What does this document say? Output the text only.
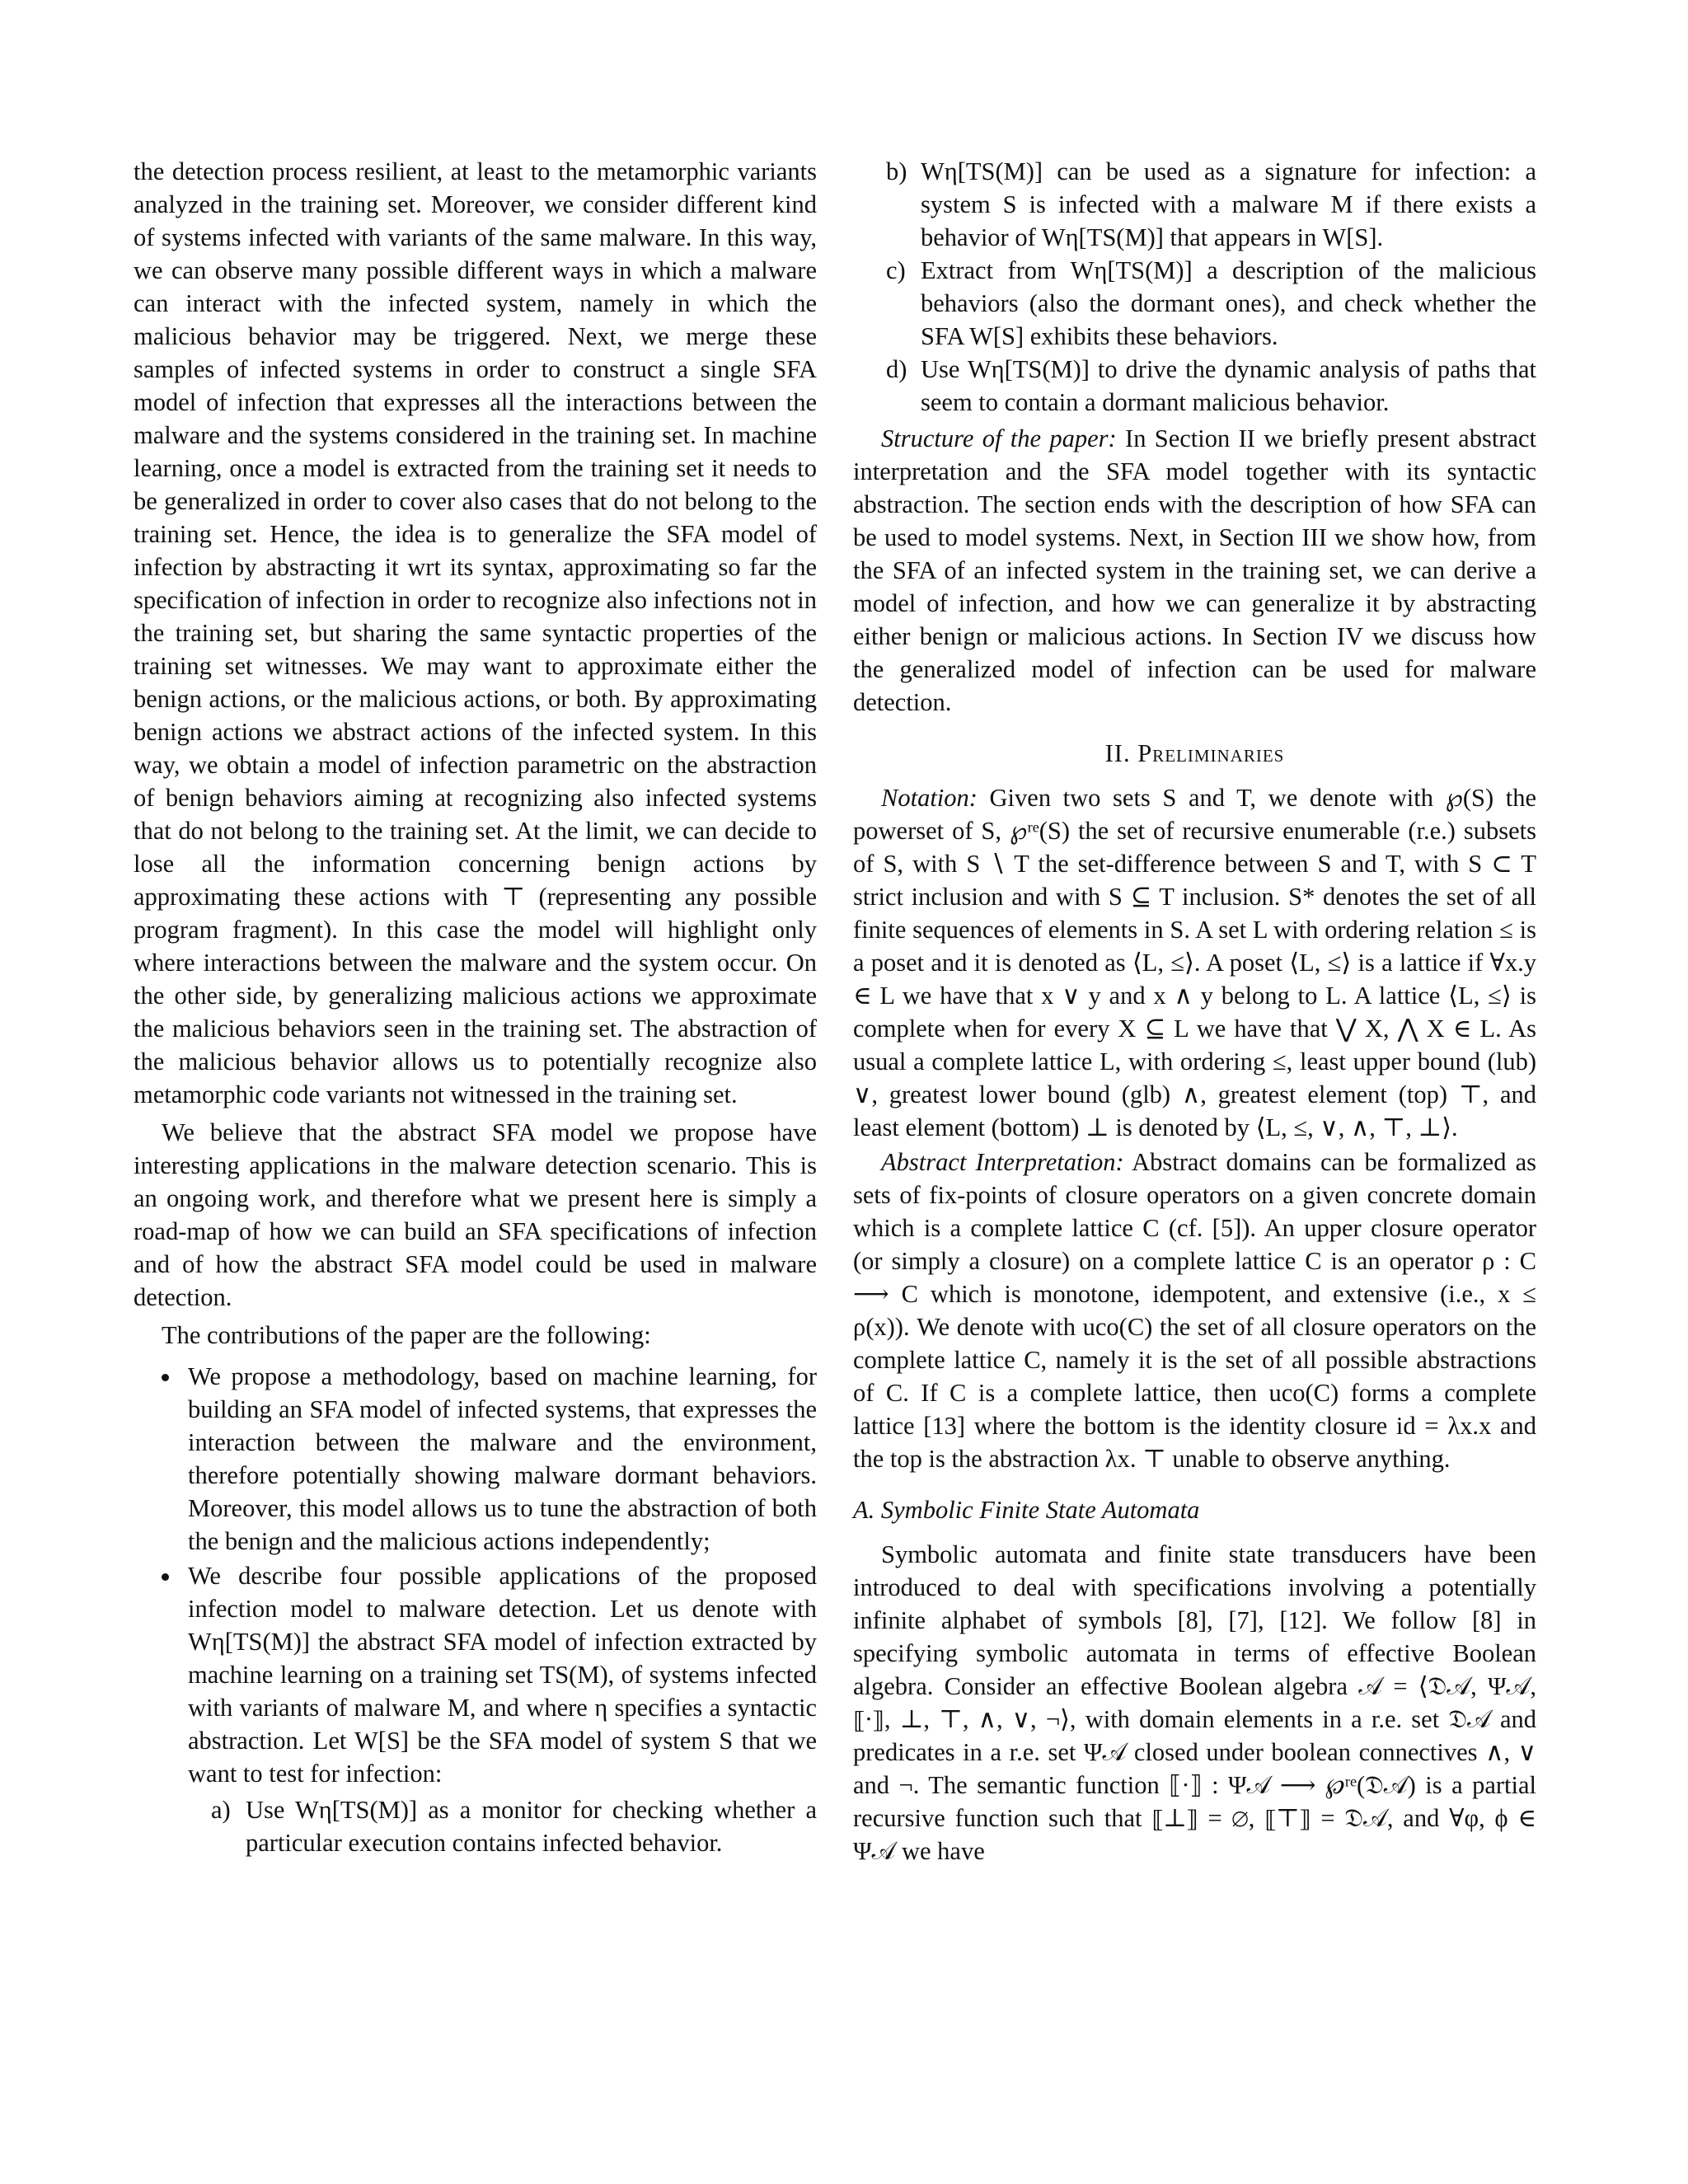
the detection process resilient, at least to the metamorphic variants analyzed in the training set. Moreover, we consider different kind of systems infected with variants of the same malware. In this way, we can observe many possible different ways in which a malware can interact with the infected system, namely in which the malicious behavior may be triggered. Next, we merge these samples of infected systems in order to construct a single SFA model of infection that expresses all the interactions between the malware and the systems considered in the training set. In machine learning, once a model is extracted from the training set it needs to be generalized in order to cover also cases that do not belong to the training set. Hence, the idea is to generalize the SFA model of infection by abstracting it wrt its syntax, approximating so far the specification of infection in order to recognize also infections not in the training set, but sharing the same syntactic properties of the training set witnesses. We may want to approximate either the benign actions, or the malicious actions, or both. By approximating benign actions we abstract actions of the infected system. In this way, we obtain a model of infection parametric on the abstraction of benign behaviors aiming at recognizing also infected systems that do not belong to the training set. At the limit, we can decide to lose all the information concerning benign actions by approximating these actions with ⊤ (representing any possible program fragment). In this case the model will highlight only where interactions between the malware and the system occur. On the other side, by generalizing malicious actions we approximate the malicious behaviors seen in the training set. The abstraction of the malicious behavior allows us to potentially recognize also metamorphic code variants not witnessed in the training set.

We believe that the abstract SFA model we propose have interesting applications in the malware detection scenario. This is an ongoing work, and therefore what we present here is simply a road-map of how we can build an SFA specifications of infection and of how the abstract SFA model could be used in malware detection.

The contributions of the paper are the following:

We propose a methodology, based on machine learning, for building an SFA model of infected systems, that expresses the interaction between the malware and the environment, therefore potentially showing malware dormant behaviors. Moreover, this model allows us to tune the abstraction of both the benign and the malicious actions independently;
We describe four possible applications of the proposed infection model to malware detection. Let us denote with Wη[TS(M)] the abstract SFA model of infection extracted by machine learning on a training set TS(M), of systems infected with variants of malware M, and where η specifies a syntactic abstraction. Let W[S] be the SFA model of system S that we want to test for infection:
a) Use Wη[TS(M)] as a monitor for checking whether a particular execution contains infected behavior.
b) Wη[TS(M)] can be used as a signature for infection: a system S is infected with a malware M if there exists a behavior of Wη[TS(M)] that appears in W[S].
c) Extract from Wη[TS(M)] a description of the malicious behaviors (also the dormant ones), and check whether the SFA W[S] exhibits these behaviors.
d) Use Wη[TS(M)] to drive the dynamic analysis of paths that seem to contain a dormant malicious behavior.

Structure of the paper: In Section II we briefly present abstract interpretation and the SFA model together with its syntactic abstraction. The section ends with the description of how SFA can be used to model systems. Next, in Section III we show how, from the SFA of an infected system in the training set, we can derive a model of infection, and how we can generalize it by abstracting either benign or malicious actions. In Section IV we discuss how the generalized model of infection can be used for malware detection.

II. Preliminaries

Notation: Given two sets S and T, we denote with ℘(S) the powerset of S, ℘ʳᵉ(S) the set of recursive enumerable (r.e.) subsets of S, with S ∖ T the set-difference between S and T, with S ⊂ T strict inclusion and with S ⊆ T inclusion. S* denotes the set of all finite sequences of elements in S. A set L with ordering relation ≤ is a poset and it is denoted as ⟨L, ≤⟩. A poset ⟨L, ≤⟩ is a lattice if ∀x.y ∈ L we have that x ∨ y and x ∧ y belong to L. A lattice ⟨L, ≤⟩ is complete when for every X ⊆ L we have that ⋁ X, ⋀ X ∈ L. As usual a complete lattice L, with ordering ≤, least upper bound (lub) ∨, greatest lower bound (glb) ∧, greatest element (top) ⊤, and least element (bottom) ⊥ is denoted by ⟨L, ≤, ∨, ∧, ⊤, ⊥⟩.

Abstract Interpretation: Abstract domains can be formalized as sets of fix-points of closure operators on a given concrete domain which is a complete lattice C (cf. [5]). An upper closure operator (or simply a closure) on a complete lattice C is an operator ρ : C ⟶ C which is monotone, idempotent, and extensive (i.e., x ≤ ρ(x)). We denote with uco(C) the set of all closure operators on the complete lattice C, namely it is the set of all possible abstractions of C. If C is a complete lattice, then uco(C) forms a complete lattice [13] where the bottom is the identity closure id = λx.x and the top is the abstraction λx. ⊤ unable to observe anything.

A. Symbolic Finite State Automata

Symbolic automata and finite state transducers have been introduced to deal with specifications involving a potentially infinite alphabet of symbols [8], [7], [12]. We follow [8] in specifying symbolic automata in terms of effective Boolean algebra. Consider an effective Boolean algebra 𝒜 = ⟨𝔇𝒜, Ψ𝒜, ⟦·⟧, ⊥, ⊤, ∧, ∨, ¬⟩, with domain elements in a r.e. set 𝔇𝒜 and predicates in a r.e. set Ψ𝒜 closed under boolean connectives ∧, ∨ and ¬. The semantic function ⟦·⟧ : Ψ𝒜 ⟶ ℘ʳᵉ(𝔇𝒜) is a partial recursive function such that ⟦⊥⟧ = ∅, ⟦⊤⟧ = 𝔇𝒜, and ∀φ, ϕ ∈ Ψ𝒜 we have
